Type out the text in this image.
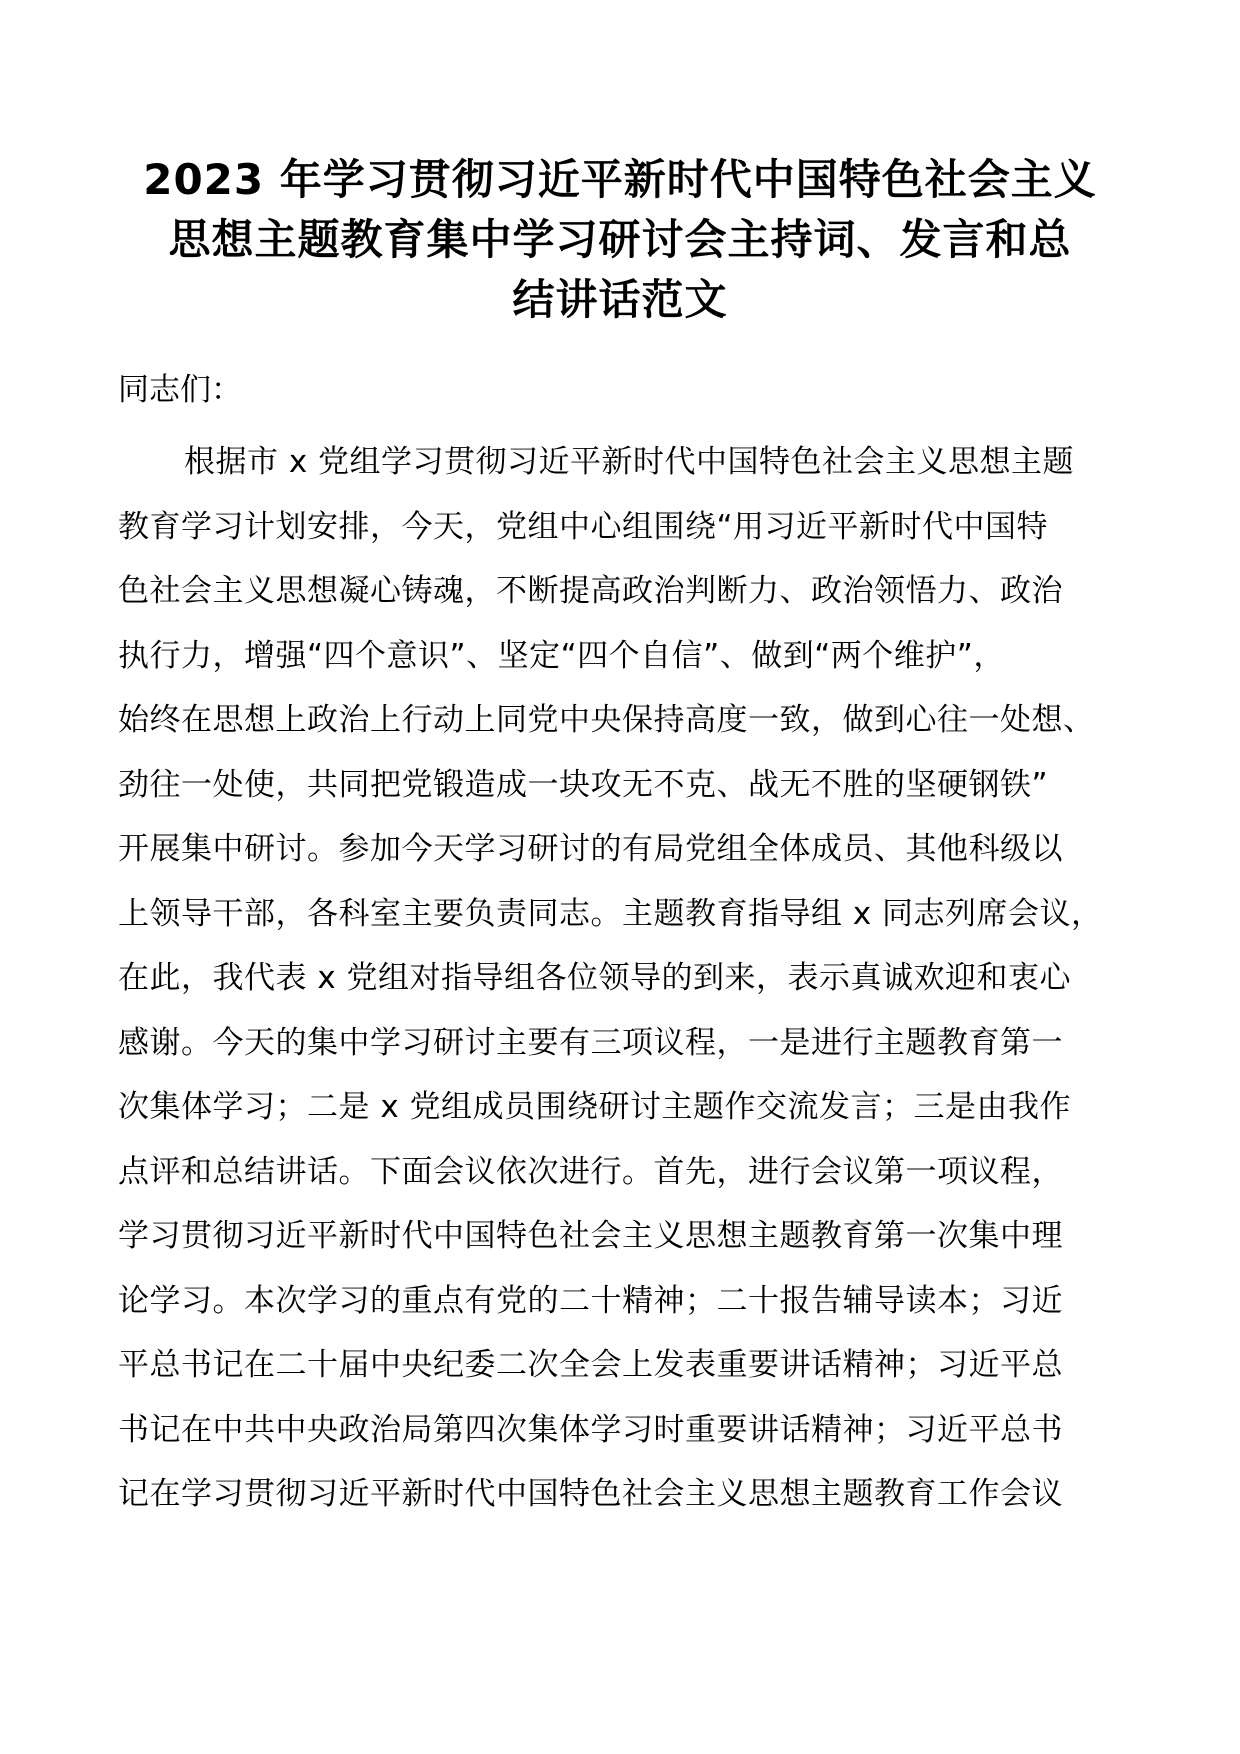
2023 年学习贯彻习近平新时代中国特色社会主义
思想主题教育集中学习研讨会主持词、发言和总
结讲话范文
同志们：
根据市 x 党组学习贯彻习近平新时代中国特色社会主义思想主题
教育学习计划安排，今天，党组中心组围绕“用习近平新时代中国特
色社会主义思想凝心铸魂，不断提高政治判断力、政治领悟力、政治
执行力，增强“四个意识”、坚定“四个自信”、做到“两个维护”，
始终在思想上政治上行动上同党中央保持高度一致，做到心往一处想、
劲往一处使，共同把党锻造成一块攻无不克、战无不胜的坚硬钢铁”
开展集中研讨。参加今天学习研讨的有局党组全体成员、其他科级以
上领导干部，各科室主要负责同志。主题教育指导组 x 同志列席会议，
在此，我代表 x 党组对指导组各位领导的到来，表示真诚欢迎和衷心
感谢。今天的集中学习研讨主要有三项议程，一是进行主题教育第一
次集体学习；二是 x 党组成员围绕研讨主题作交流发言；三是由我作
点评和总结讲话。下面会议依次进行。首先，进行会议第一项议程，
学习贯彻习近平新时代中国特色社会主义思想主题教育第一次集中理
论学习。本次学习的重点有党的二十精神；二十报告辅导读本；习近
平总书记在二十届中央纪委二次全会上发表重要讲话精神；习近平总
书记在中共中央政治局第四次集体学习时重要讲话精神；习近平总书
记在学习贯彻习近平新时代中国特色社会主义思想主题教育工作会议
